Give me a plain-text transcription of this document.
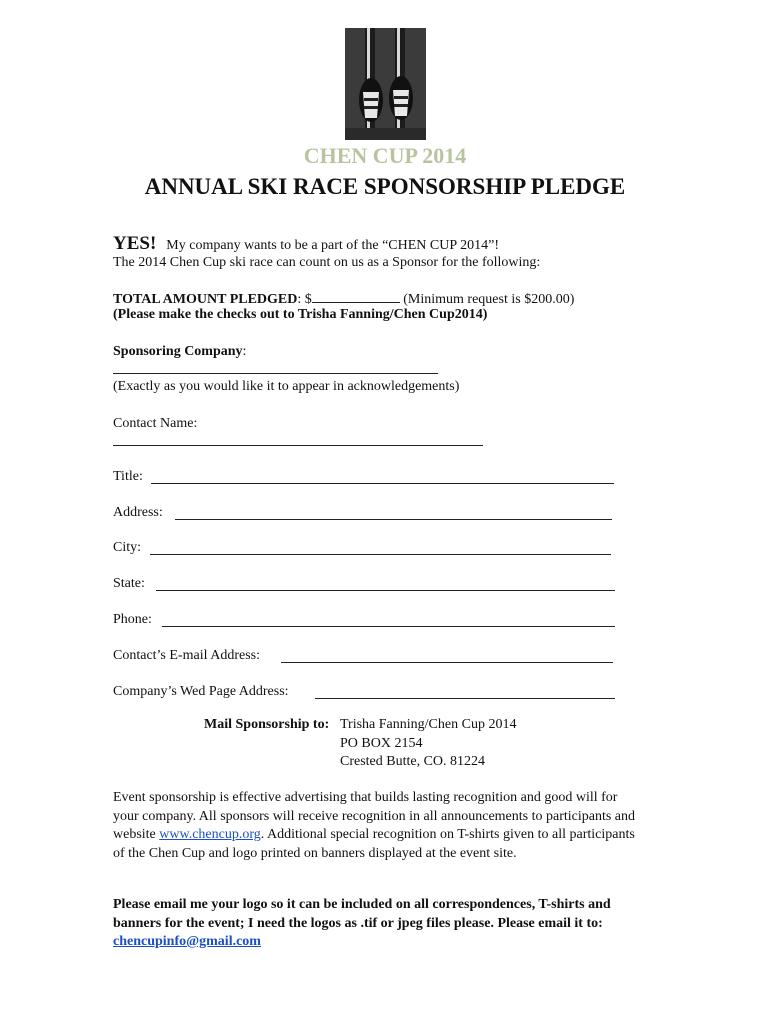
CHEN CUP 2014
ANNUAL SKI RACE SPONSORSHIP PLEDGE
YES! My company wants to be a part of the “CHEN CUP 2014”!
The 2014 Chen Cup ski race can count on us as a Sponsor for the following:
TOTAL AMOUNT PLEDGED: $	(Minimum request is $200.00)
(Please make the checks out to Trisha Fanning/Chen Cup2014)
Sponsoring Company:
(Exactly as you would like it to appear in acknowledgements)
Contact Name:
Title:
Address:
City:
State:
Phone:
Contact’s E-mail Address:
Company’s Wed Page Address:
Mail Sponsorship to: Trisha Fanning/Chen Cup 2014
PO BOX 2154
Crested Butte, CO. 81224
Event sponsorship is effective advertising that builds lasting recognition and good will for your company. All sponsors will receive recognition in all announcements to participants and website www.chencup.org. Additional special recognition on T-shirts given to all participants of the Chen Cup and logo printed on banners displayed at the event site.
Please email me your logo so it can be included on all correspondences, T-shirts and banners for the event; I need the logos as .tif or jpeg files please. Please email it to: chencupinfo@gmail.com
